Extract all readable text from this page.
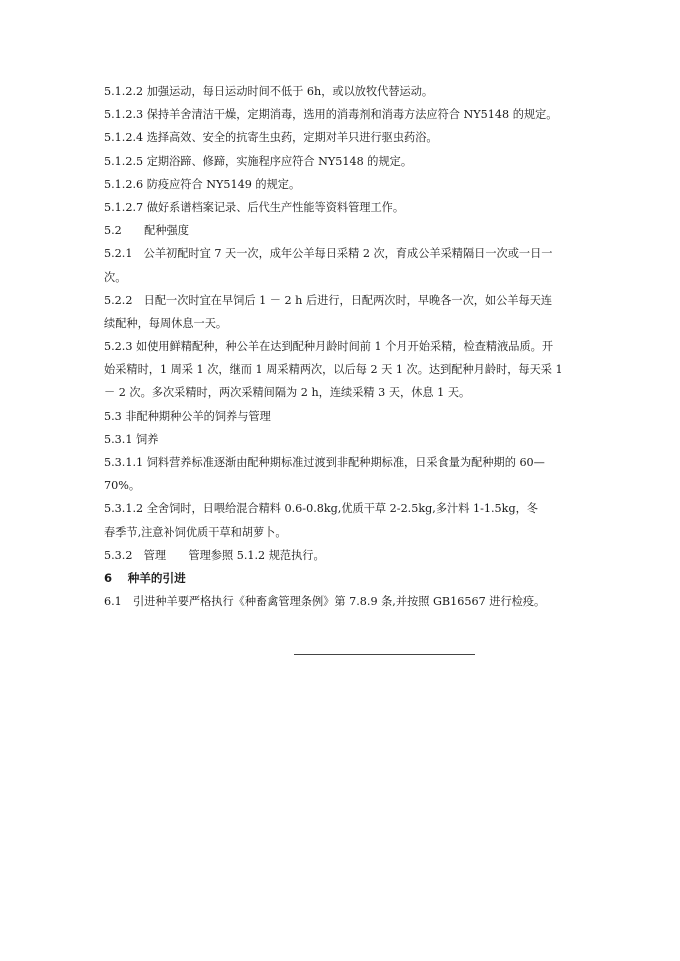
5.1.2.2 加强运动，每日运动时间不低于 6h，或以放牧代替运动。
5.1.2.3 保持羊舍清洁干燥，定期消毒，选用的消毒剂和消毒方法应符合 NY5148 的规定。
5.1.2.4 选择高效、安全的抗寄生虫药，定期对羊只进行驱虫药浴。
5.1.2.5 定期浴蹄、修蹄，实施程序应符合 NY5148 的规定。
5.1.2.6 防疫应符合 NY5149 的规定。
5.1.2.7 做好系谱档案记录、后代生产性能等资料管理工作。
5.2　　配种强度
5.2.1　公羊初配时宜 7 天一次，成年公羊每日采精 2 次，育成公羊采精隔日一次或一日一
次。
5.2.2　日配一次时宜在早饲后 1 － 2 h 后进行，日配两次时，早晚各一次，如公羊每天连
续配种，每周休息一天。
5.2.3 如使用鲜精配种，种公羊在达到配种月龄时间前 1 个月开始采精，检查精液品质。开
始采精时，1 周采 1 次，继而 1 周采精两次，以后每 2 天 1 次。达到配种月龄时，每天采 1
－ 2 次。多次采精时，两次采精间隔为 2 h，连续采精 3 天，休息 1 天。
5.3 非配种期种公羊的饲养与管理
5.3.1 饲养
5.3.1.1 饲料营养标准逐渐由配种期标准过渡到非配种期标准，日采食量为配种期的 60—
70%。
5.3.1.2 全舍饲时，日喂给混合精料 0.6-0.8kg,优质干草 2-2.5kg,多汁料 1-1.5kg，冬
春季节,注意补饲优质干草和胡萝卜。
5.3.2　管理　　管理参照 5.1.2 规范执行。
6　 种羊的引进
6.1　引进种羊要严格执行《种畜禽管理条例》第 7.8.9 条,并按照 GB16567 进行检疫。
